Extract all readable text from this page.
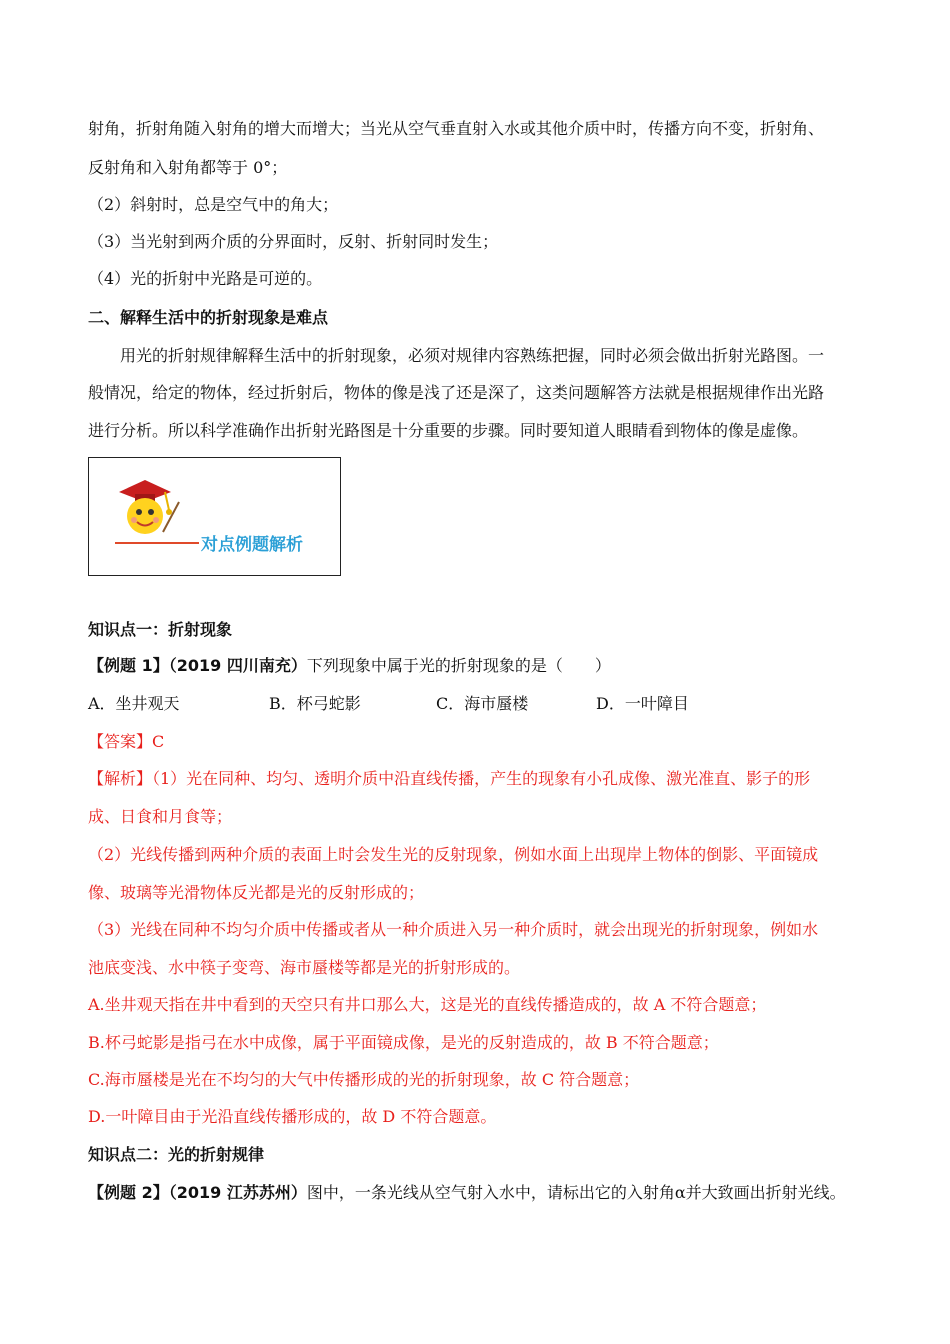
射角，折射角随入射角的增大而增大；当光从空气垂直射入水或其他介质中时，传播方向不变，折射角、
反射角和入射角都等于 0°；
（2）斜射时，总是空气中的角大；
（3）当光射到两介质的分界面时，反射、折射同时发生；
（4）光的折射中光路是可逆的。
二、解释生活中的折射现象是难点
用光的折射规律解释生活中的折射现象，必须对规律内容熟练把握，同时必须会做出折射光路图。一
般情况，给定的物体，经过折射后，物体的像是浅了还是深了，这类问题解答方法就是根据规律作出光路
进行分析。所以科学准确作出折射光路图是十分重要的步骤。同时要知道人眼睛看到物体的像是虚像。
对点例题解析
知识点一：折射现象
【例题 1】（2019 四川南充）下列现象中属于光的折射现象的是（　　）
A．坐井观天	B．杯弓蛇影	C．海市蜃楼	D．一叶障目
【答案】C
【解析】（1）光在同种、均匀、透明介质中沿直线传播，产生的现象有小孔成像、激光准直、影子的形
成、日食和月食等；
（2）光线传播到两种介质的表面上时会发生光的反射现象，例如水面上出现岸上物体的倒影、平面镜成
像、玻璃等光滑物体反光都是光的反射形成的；
（3）光线在同种不均匀介质中传播或者从一种介质进入另一种介质时，就会出现光的折射现象，例如水
池底变浅、水中筷子变弯、海市蜃楼等都是光的折射形成的。
A.坐井观天指在井中看到的天空只有井口那么大，这是光的直线传播造成的，故 A 不符合题意；
B.杯弓蛇影是指弓在水中成像，属于平面镜成像，是光的反射造成的，故 B 不符合题意；
C.海市蜃楼是光在不均匀的大气中传播形成的光的折射现象，故 C 符合题意；
D.一叶障目由于光沿直线传播形成的，故 D 不符合题意。
知识点二：光的折射规律
【例题 2】（2019 江苏苏州）图中，一条光线从空气射入水中，请标出它的入射角α并大致画出折射光线。
